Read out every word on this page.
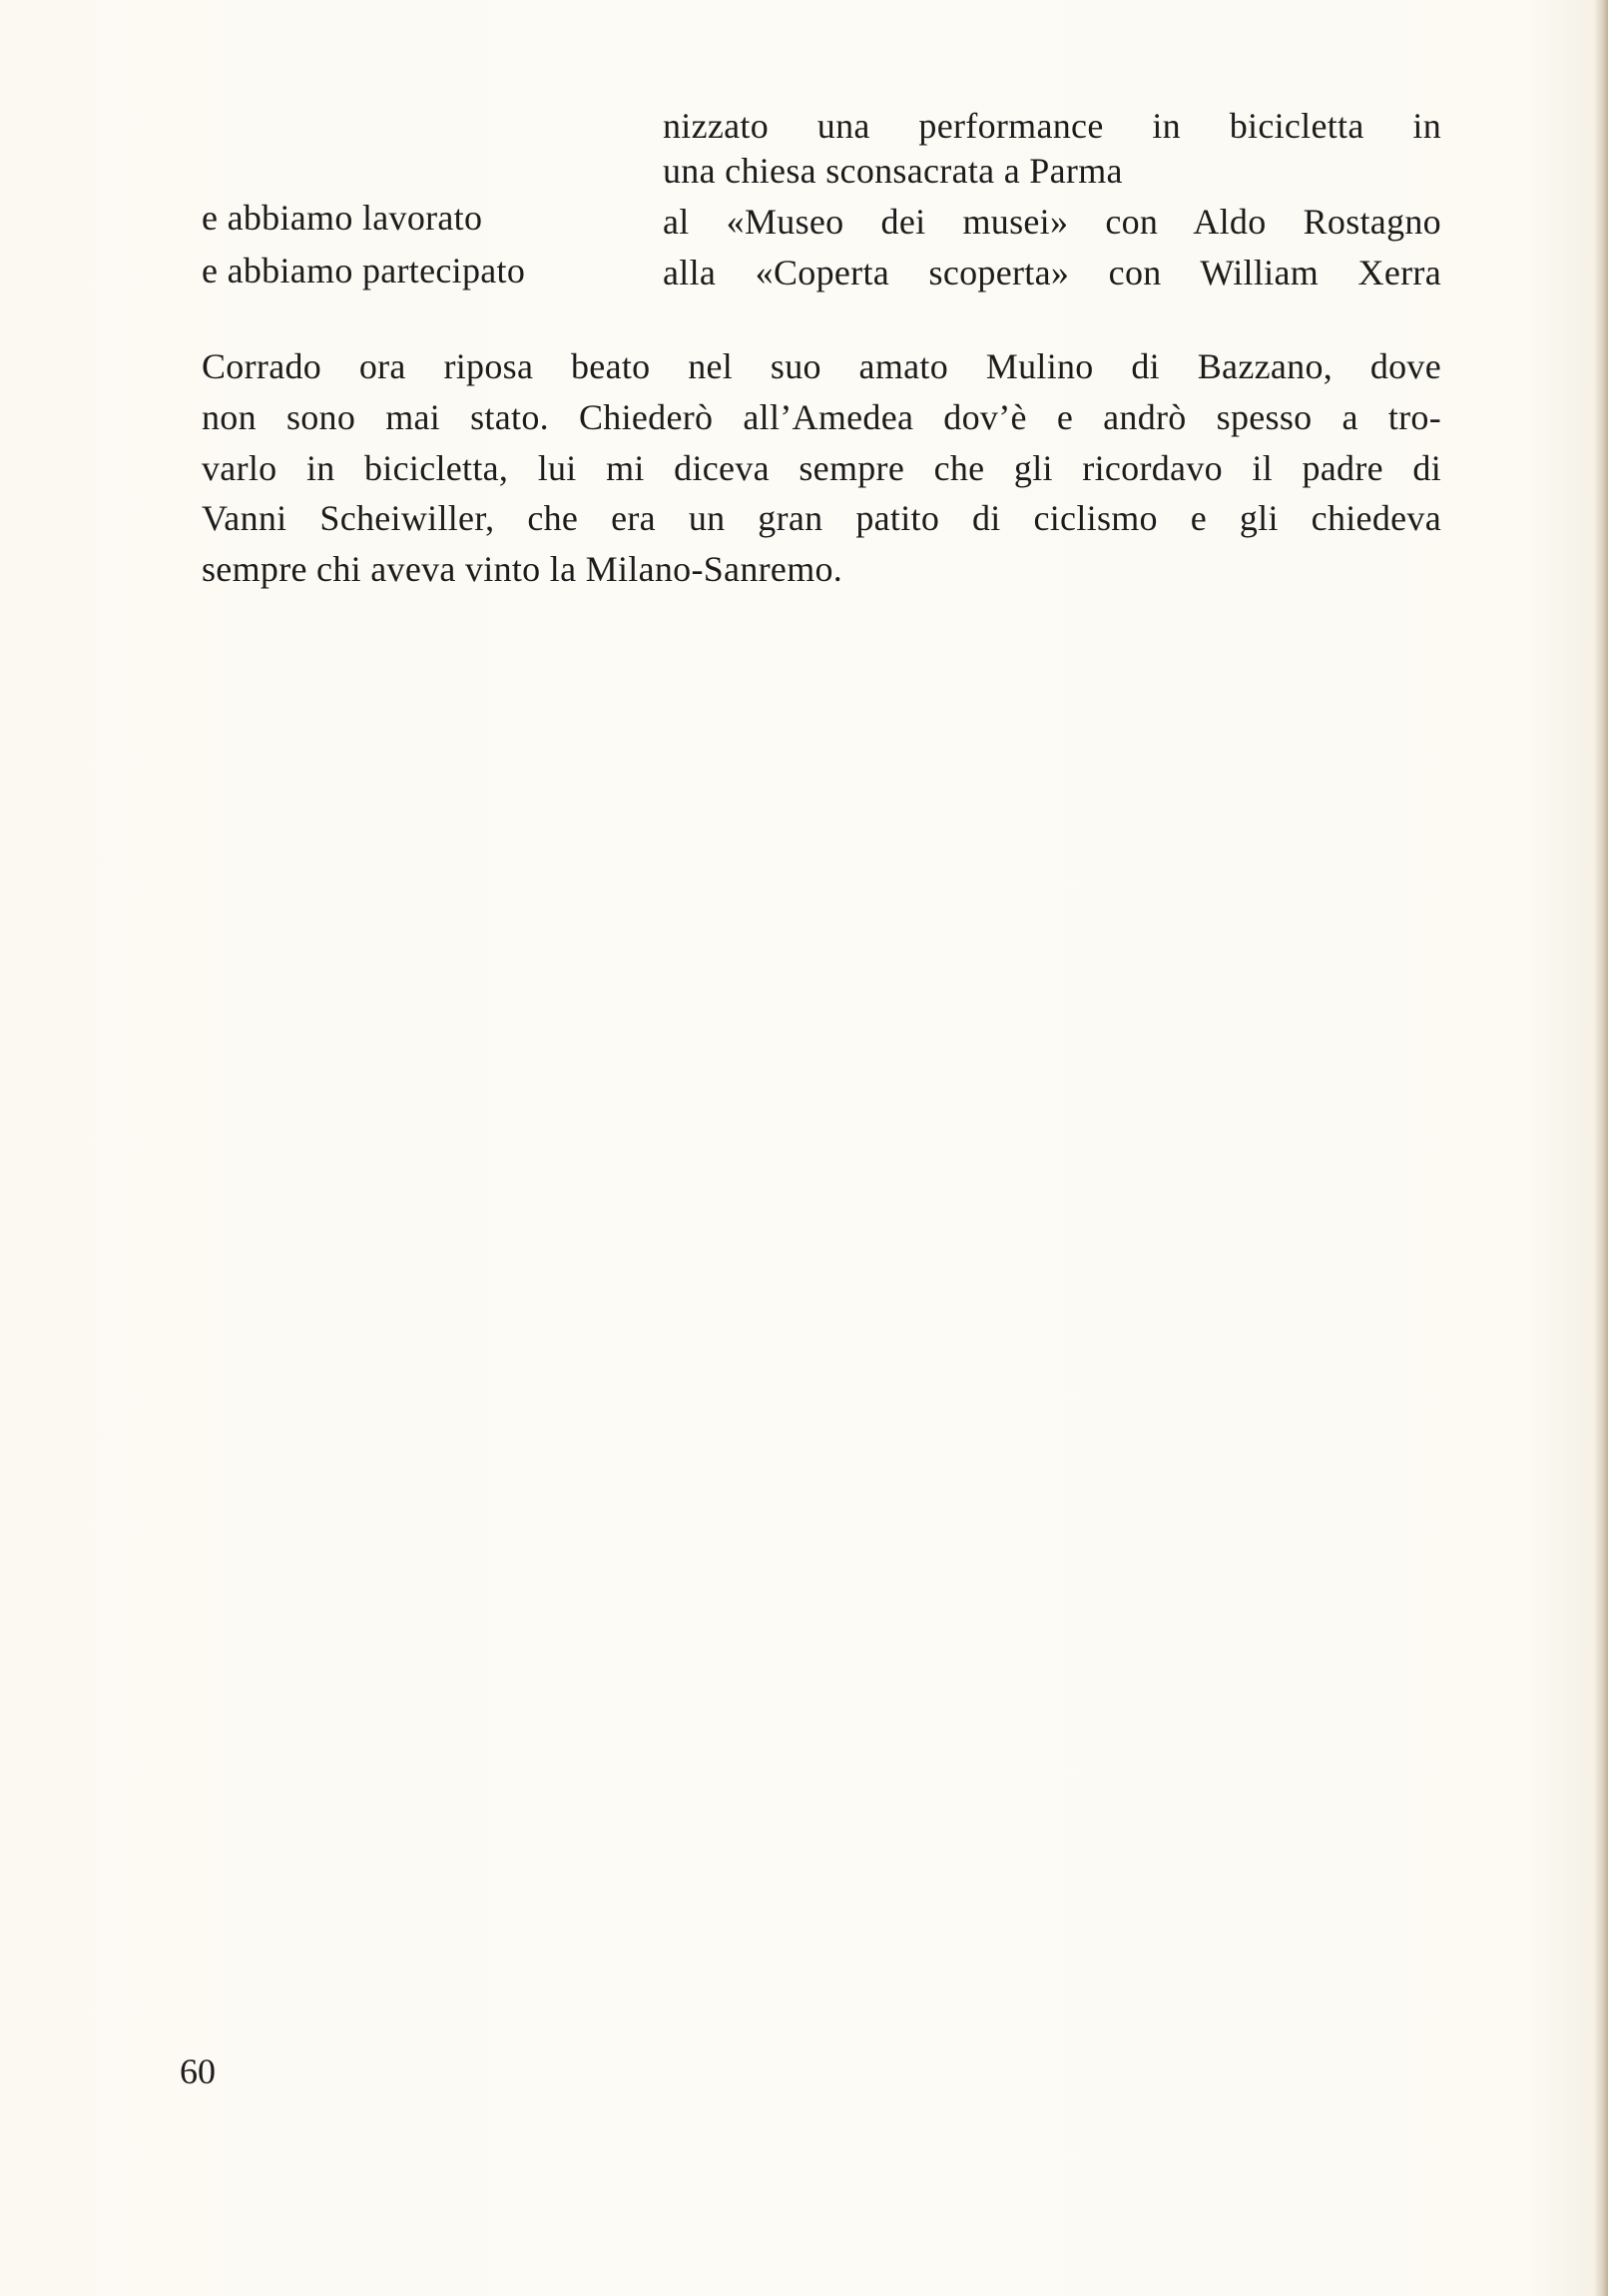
nizzato una performance in bicicletta in
una chiesa sconsacrata a Parma
e abbiamo lavorato	al «Museo dei musei» con Aldo Rostagno
e abbiamo partecipato	alla «Coperta scoperta» con William Xerra
Corrado ora riposa beato nel suo amato Mulino di Bazzano, dove
non sono mai stato. Chiederò all’Amedea dov’è e andrò spesso a tro-
varlo in bicicletta, lui mi diceva sempre che gli ricordavo il padre di
Vanni Scheiwiller, che era un gran patito di ciclismo e gli chiedeva
sempre chi aveva vinto la Milano-Sanremo.
60
